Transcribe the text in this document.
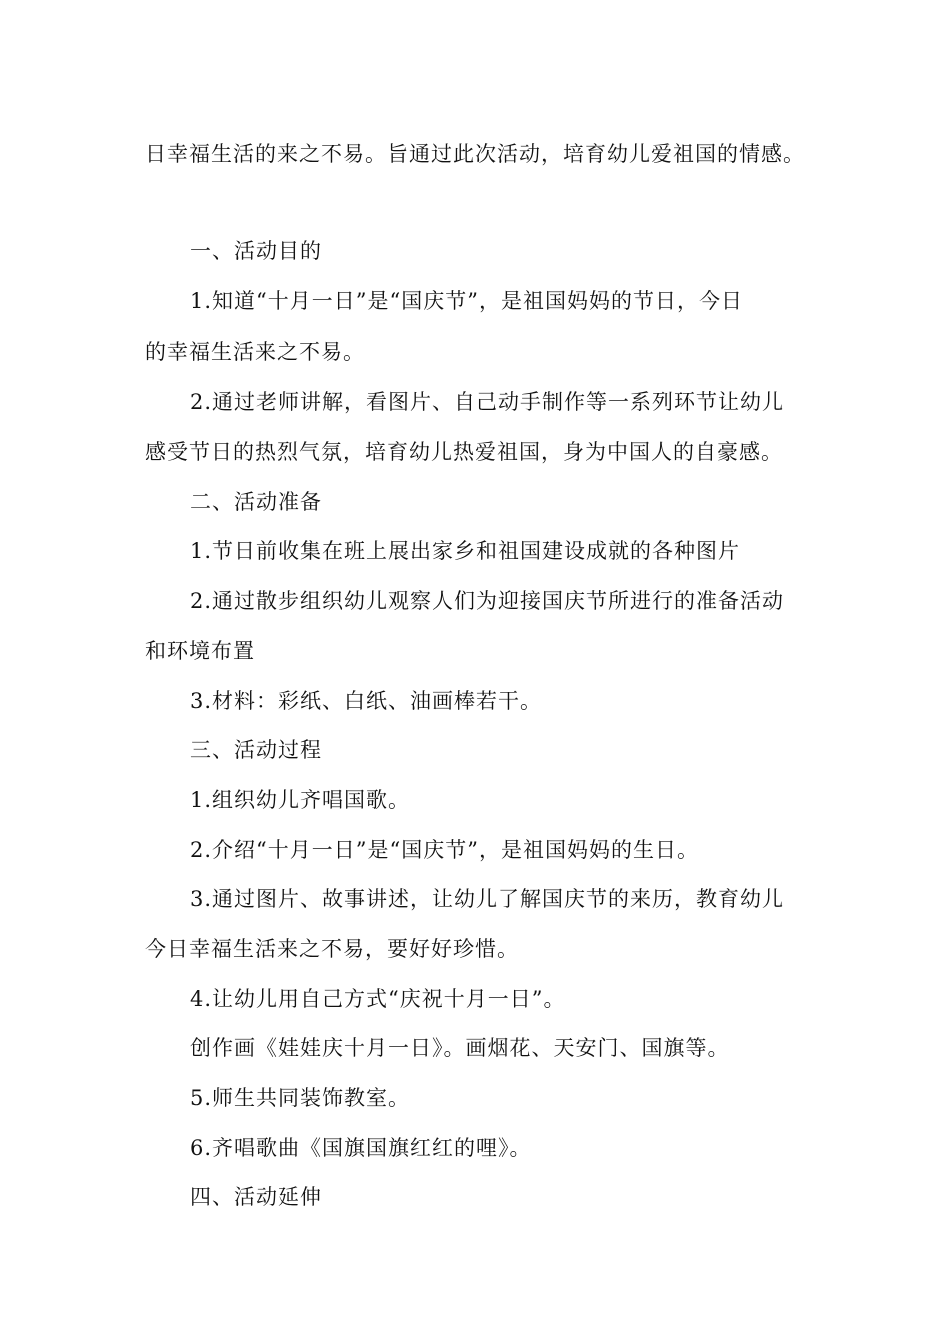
日幸福生活的来之不易。旨通过此次活动，培育幼儿爱祖国的情感。
一、活动目的
1.知道“十月一日”是“国庆节”，是祖国妈妈的节日，今日
的幸福生活来之不易。
2.通过老师讲解，看图片、自己动手制作等一系列环节让幼儿
感受节日的热烈气氛，培育幼儿热爱祖国，身为中国人的自豪感。
二、活动准备
1.节日前收集在班上展出家乡和祖国建设成就的各种图片
2.通过散步组织幼儿观察人们为迎接国庆节所进行的准备活动
和环境布置
3.材料：彩纸、白纸、油画棒若干。
三、活动过程
1.组织幼儿齐唱国歌。
2.介绍“十月一日”是“国庆节”，是祖国妈妈的生日。
3.通过图片、故事讲述，让幼儿了解国庆节的来历，教育幼儿
今日幸福生活来之不易，要好好珍惜。
4.让幼儿用自己方式“庆祝十月一日”。
创作画《娃娃庆十月一日》。画烟花、天安门、国旗等。
5.师生共同装饰教室。
6.齐唱歌曲《国旗国旗红红的哩》。
四、活动延伸
